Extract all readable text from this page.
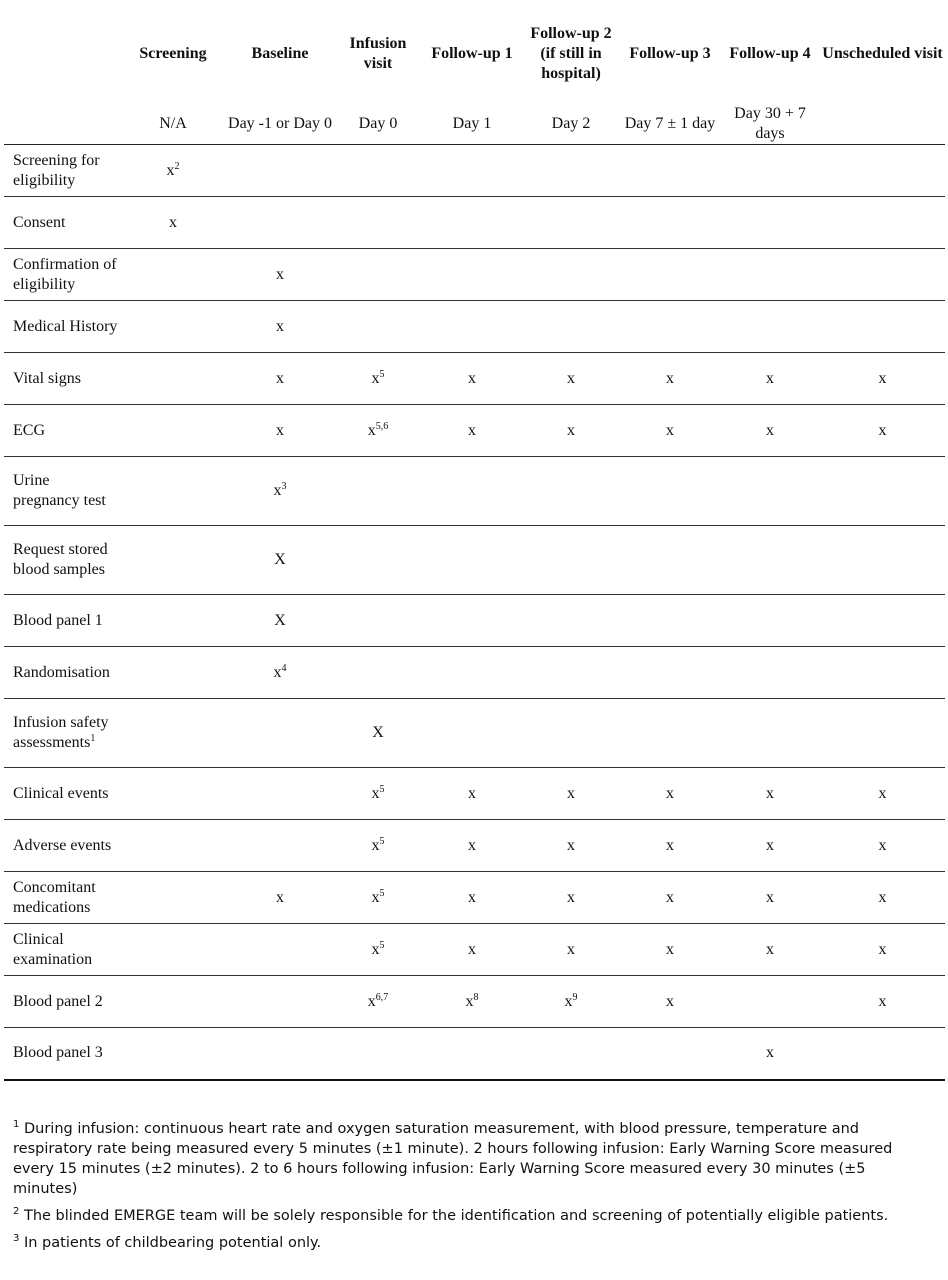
	Screening	Baseline	Infusion visit	Follow-up 1	Follow-up 2 (if still in hospital)	Follow-up 3	Follow-up 4	Unscheduled visit
	N/A	Day -1 or Day 0	Day 0	Day 1	Day 2	Day 7 ± 1 day	Day 30 + 7 days	
Screening for eligibility	$x^2$							
Consent	x							
Confirmation of eligibility		x						
Medical History		x						
Vital signs		x	$x^5$	x	x	x	x	x
ECG		x	$x^{5,6}$	x	x	x	x	x
Urine pregnancy test		$x^3$						
Request stored blood samples		X						
Blood panel 1		X						
Randomisation		$x^4$						
Infusion safety assessments$^1$			X					
Clinical events			$x^5$	x	x	x	x	x
Adverse events			$x^5$	x	x	x	x	x
Concomitant medications		x	$x^5$	x	x	x	x	x
Clinical examination			$x^5$	x	x	x	x	x
Blood panel 2			$x^{6,7}$	$x^8$	$x^9$	x		x
Blood panel 3							x	

$^1$ During infusion: continuous heart rate and oxygen saturation measurement, with blood pressure, temperature and respiratory rate being measured every 5 minutes (±1 minute). 2 hours following infusion: Early Warning Score measured every 15 minutes (±2 minutes). 2 to 6 hours following infusion: Early Warning Score measured every 30 minutes (±5 minutes)

$^2$ The blinded EMERGE team will be solely responsible for the identification and screening of potentially eligible patients.

$^3$ In patients of childbearing potential only.
